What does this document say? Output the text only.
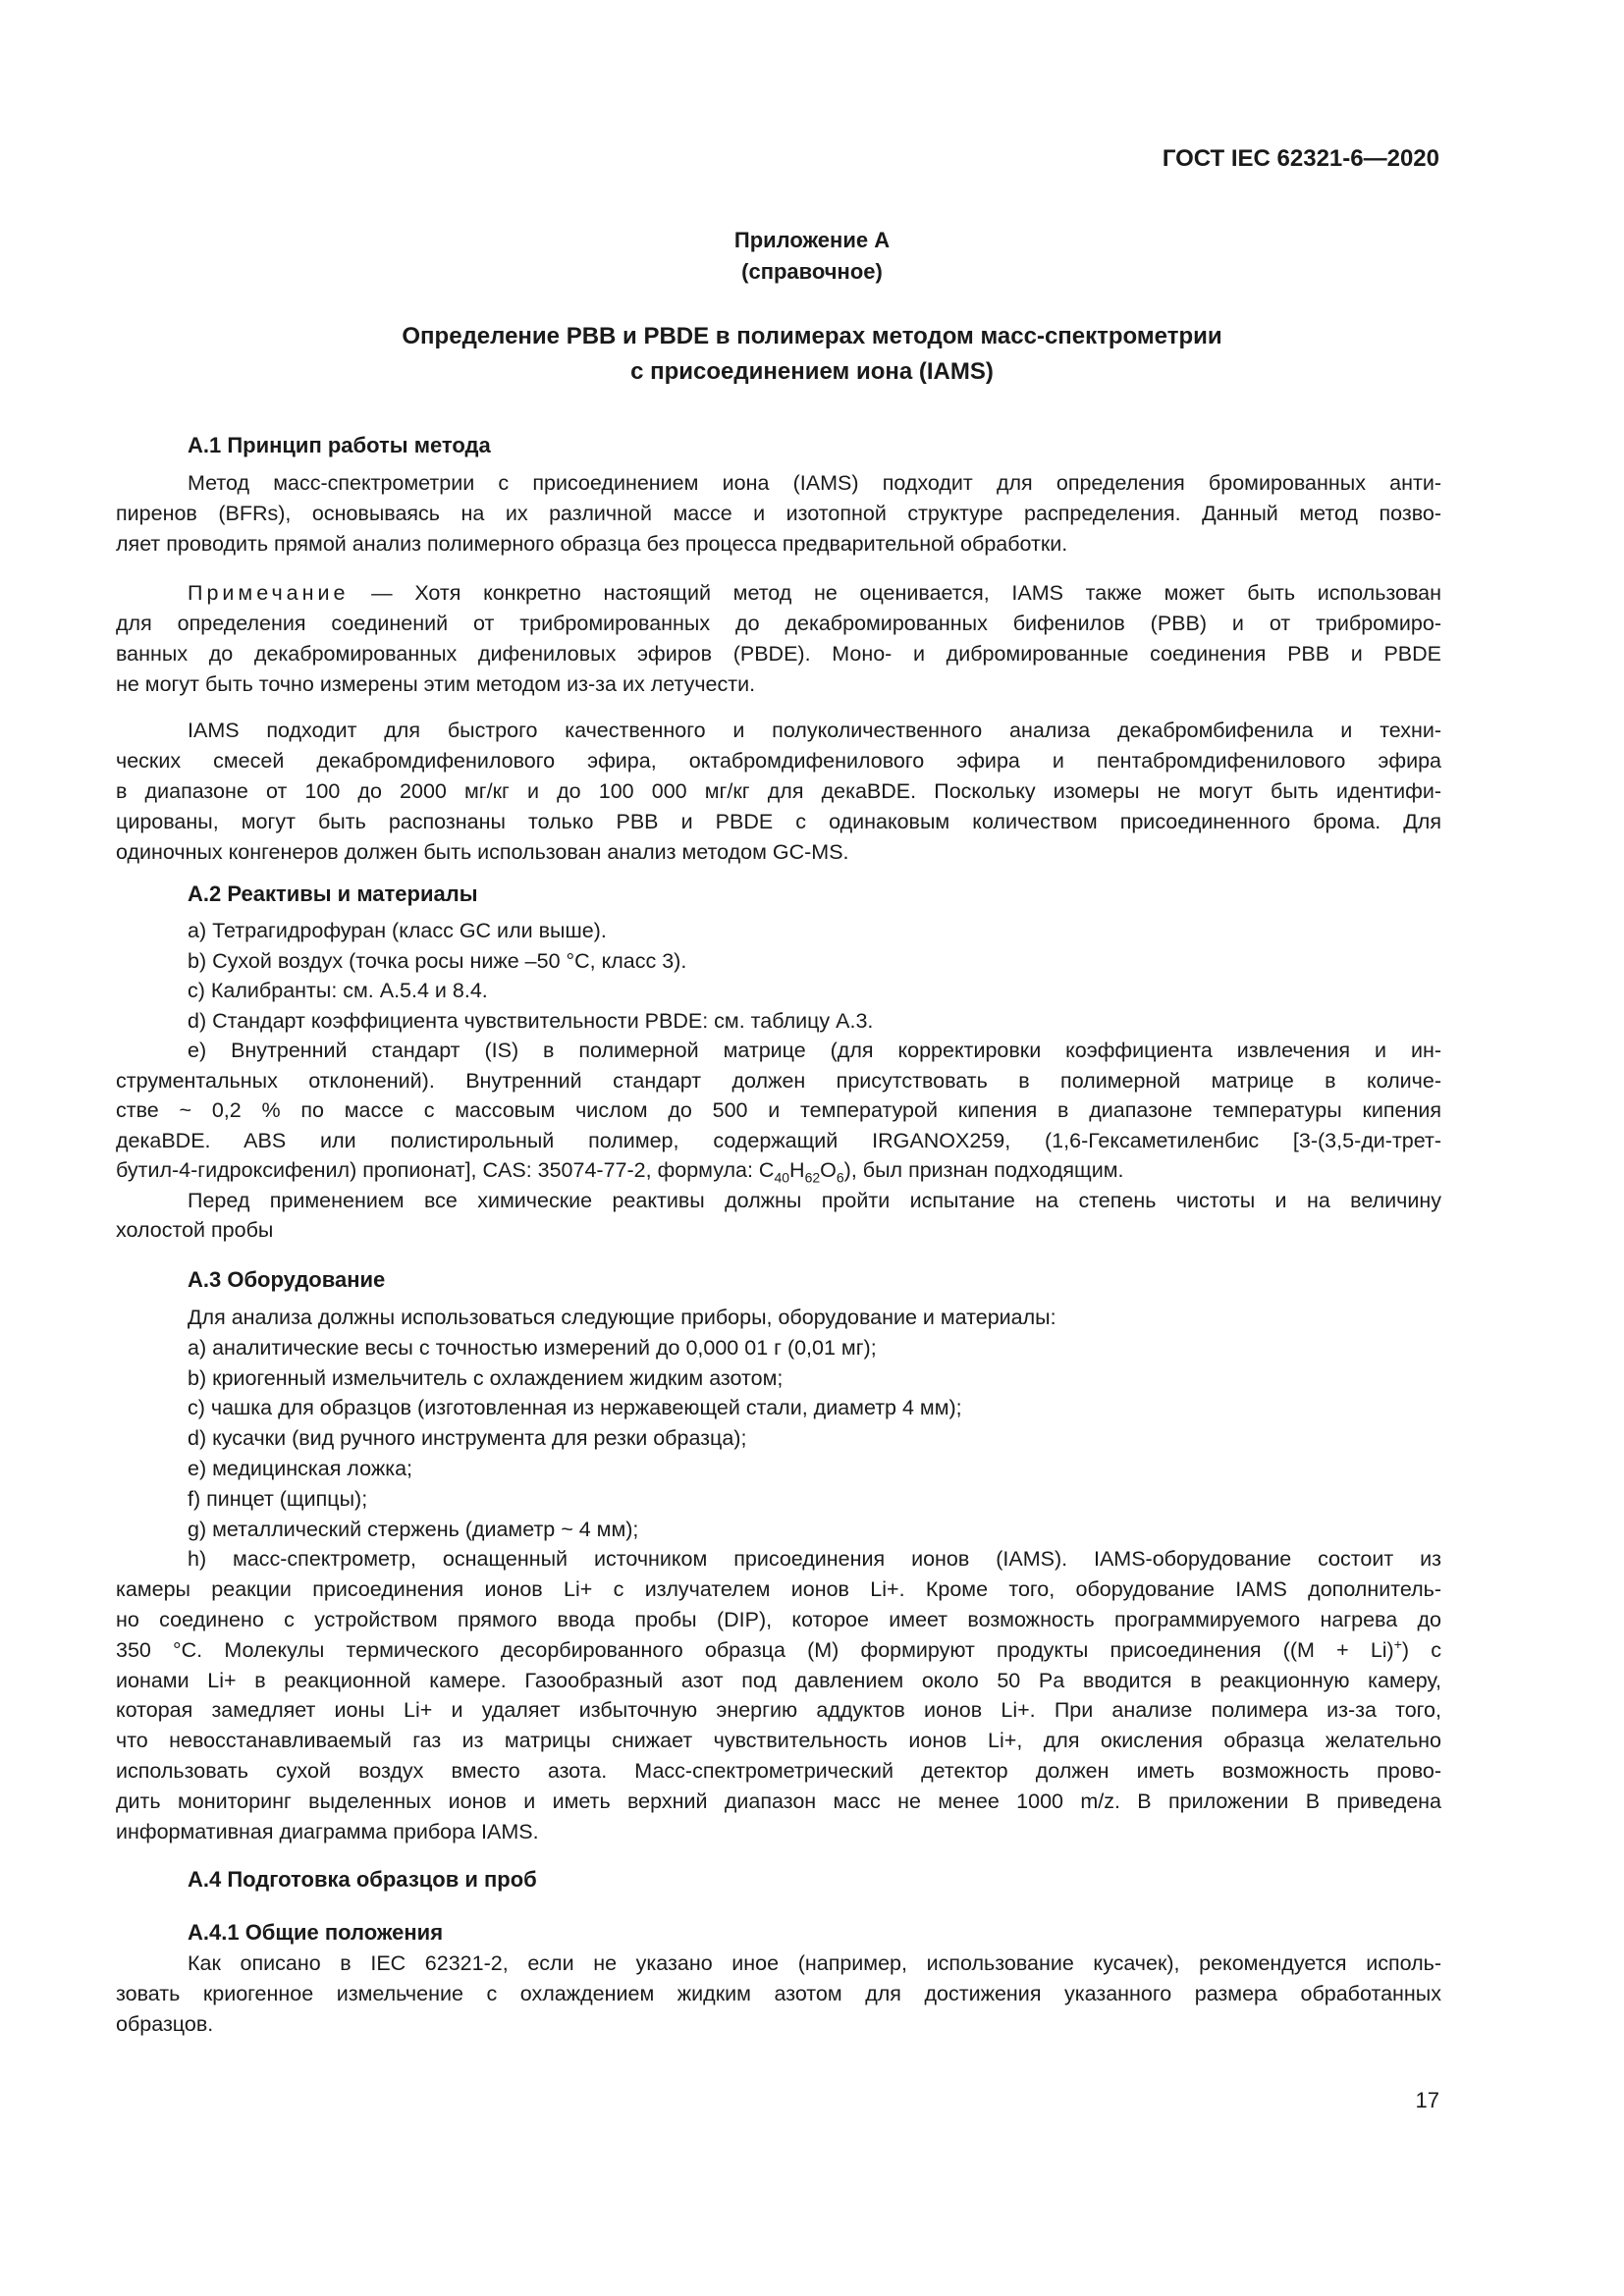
ГОСТ IEC 62321-6—2020
Приложение А
(справочное)
Определение PBB и PBDE в полимерах методом масс-спектрометрии
с присоединением иона (IAMS)
А.1 Принцип работы метода
Метод масс-спектрометрии с присоединением иона (IAMS) подходит для определения бромированных анти-
пиренов (BFRs), основываясь на их различной массе и изотопной структуре распределения. Данный метод позво-
ляет проводить прямой анализ полимерного образца без процесса предварительной обработки.
Примечание — Хотя конкретно настоящий метод не оценивается, IAMS также может быть использован
для определения соединений от трибромированных до декабромированных бифенилов (PBB) и от трибромиро-
ванных до декабромированных дифениловых эфиров (PBDE). Моно- и дибромированные соединения PBB и PBDE
не могут быть точно измерены этим методом из-за их летучести.
IAMS подходит для быстрого качественного и полуколичественного анализа декабромбифенила и техни-
ческих смесей декабромдифенилового эфира, октабромдифенилового эфира и пентабромдифенилового эфира
в диапазоне от 100 до 2000 мг/кг и до 100 000 мг/кг для декаBDE. Поскольку изомеры не могут быть идентифи-
цированы, могут быть распознаны только PBB и PBDE с одинаковым количеством присоединенного брома. Для
одиночных конгенеров должен быть использован анализ методом GC-MS.
А.2 Реактивы и материалы
a) Тетрагидрофуран (класс GC или выше).
b) Сухой воздух (точка росы ниже –50 °C, класс 3).
c) Калибранты: см. А.5.4 и 8.4.
d) Стандарт коэффициента чувствительности PBDE: см. таблицу А.3.
e) Внутренний стандарт (IS) в полимерной матрице (для корректировки коэффициента извлечения и ин-
струментальных отклонений). Внутренний стандарт должен присутствовать в полимерной матрице в количе-
стве ~ 0,2 % по массе с массовым числом до 500 и температурой кипения в диапазоне температуры кипения
декаBDE. ABS или полистирольный полимер, содержащий IRGANOX259, (1,6-Гексаметиленбис [3-(3,5-ди-трет-
бутил-4-гидроксифенил) пропионат], CAS: 35074-77-2, формула: $C_{40}H_{62}O_6$), был признан подходящим.
Перед применением все химические реактивы должны пройти испытание на степень чистоты и на величину
холостой пробы
А.3 Оборудование
Для анализа должны использоваться следующие приборы, оборудование и материалы:
a) аналитические весы с точностью измерений до 0,000 01 г (0,01 мг);
b) криогенный измельчитель с охлаждением жидким азотом;
c) чашка для образцов (изготовленная из нержавеющей стали, диаметр 4 мм);
d) кусачки (вид ручного инструмента для резки образца);
e) медицинская ложка;
f) пинцет (щипцы);
g) металлический стержень (диаметр ~ 4 мм);
h) масс-спектрометр, оснащенный источником присоединения ионов (IAMS). IAMS-оборудование состоит из
камеры реакции присоединения ионов Li+ с излучателем ионов Li+. Кроме того, оборудование IAMS дополнитель-
но соединено с устройством прямого ввода пробы (DIP), которое имеет возможность программируемого нагрева до
350 °C. Молекулы термического десорбированного образца (M) формируют продукты присоединения ((M + Li)+) с
ионами Li+ в реакционной камере. Газообразный азот под давлением около 50 Pa вводится в реакционную камеру,
которая замедляет ионы Li+ и удаляет избыточную энергию аддуктов ионов Li+. При анализе полимера из-за того,
что невосстанавливаемый газ из матрицы снижает чувствительность ионов Li+, для окисления образца желательно
использовать сухой воздух вместо азота. Масс-спектрометрический детектор должен иметь возможность прово-
дить мониторинг выделенных ионов и иметь верхний диапазон масс не менее 1000 m/z. В приложении B приведена
информативная диаграмма прибора IAMS.
А.4 Подготовка образцов и проб
А.4.1 Общие положения
Как описано в IEC 62321-2, если не указано иное (например, использование кусачек), рекомендуется исполь-
зовать криогенное измельчение с охлаждением жидким азотом для достижения указанного размера обработанных
образцов.
17
